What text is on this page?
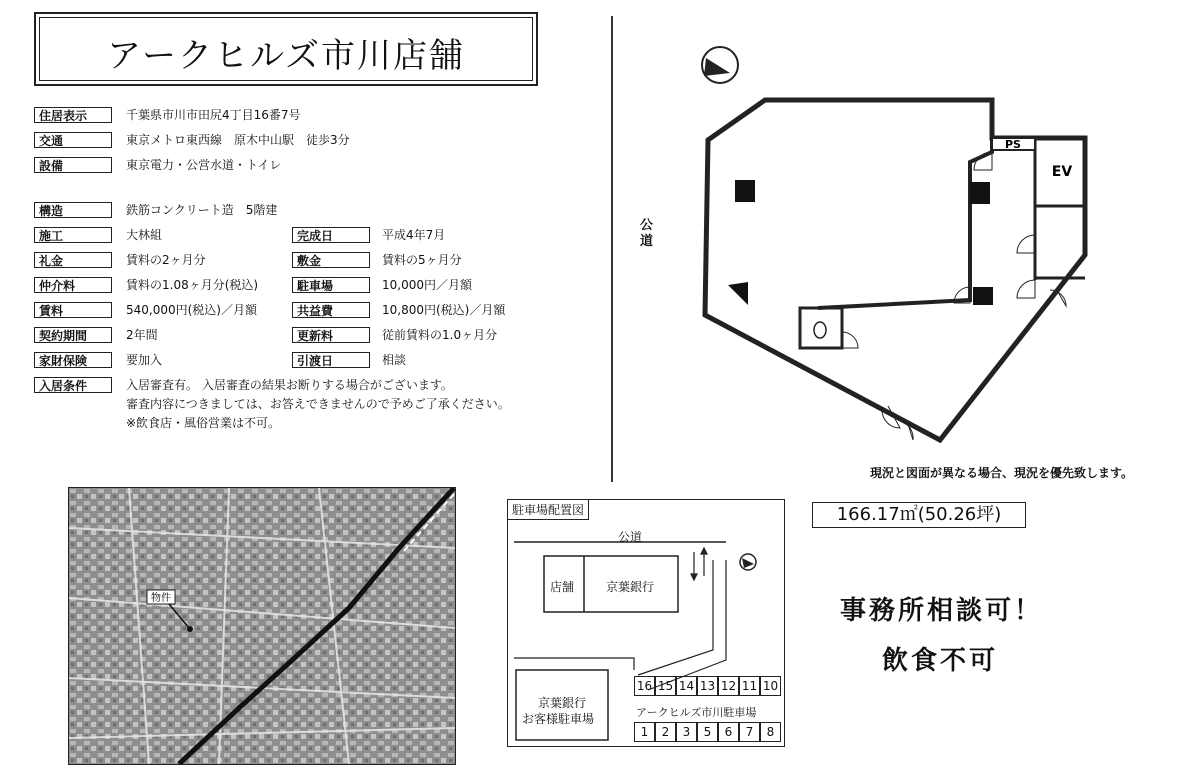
アークヒルズ市川店舗
住居表示	千葉県市川市田尻4丁目16番7号
交通	東京メトロ東西線　原木中山駅　徒歩3分
設備	東京電力・公営水道・トイレ
構造	鉄筋コンクリート造　5階建
施工	大林組	完成日	平成4年7月
礼金	賃料の2ヶ月分	敷金	賃料の5ヶ月分
仲介料	賃料の1.08ヶ月分(税込)	駐車場	10,000円／月額
賃料	540,000円(税込)／月額	共益費	10,800円(税込)／月額
契約期間	2年間	更新料	従前賃料の1.0ヶ月分
家財保険	要加入	引渡日	相談
入居条件	入居審査有。 入居審査の結果お断りする場合がございます。
審査内容につきましては、お答えできませんので予めご了承ください。
※飲食店・風俗営業は不可。
公道
PS
EV
現況と図面が異なる場合、現況を優先致します。
166.17㎡(50.26坪)
事務所相談可！
飲食不可
物件
駐車場配置図
公道
店舗	京葉銀行
京葉銀行
お客様駐車場	アークヒルズ市川駐車場
16 15 14 13 12 11 10
1	2	3	5	6	7	8
